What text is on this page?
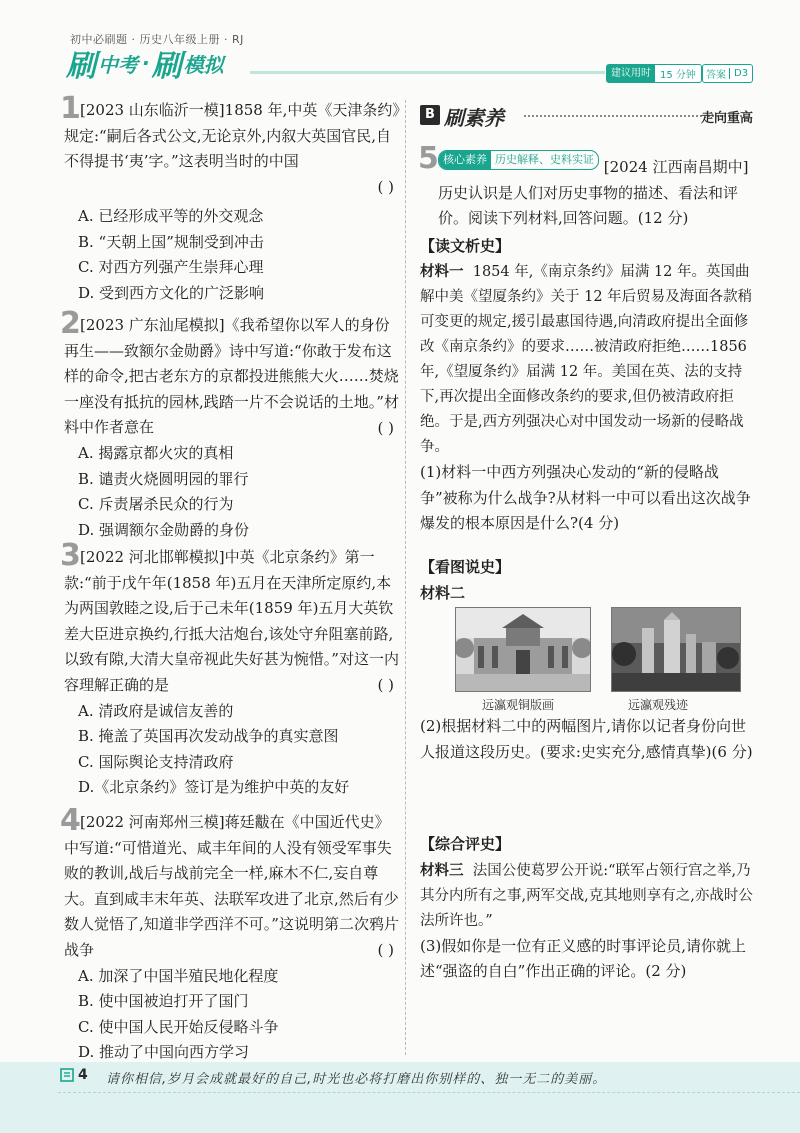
初中必刷题 · 历史八年级上册 · RJ
刷 中考 · 刷 模拟	建议用时 15 分钟	答案 D3
1 [2023 山东临沂一模]1858 年,中英《天津条约》规定:“嗣后各式公文,无论京外,内叙大英国官民,自不得提书‘夷’字。”这表明当时的中国

( )

A. 已经形成平等的外交观念

B. “天朝上国”规制受到冲击

C. 对西方列强产生崇拜心理

D. 受到西方文化的广泛影响

2 [2023 广东汕尾模拟]《我希望你以军人的身份再生——致额尔金勋爵》诗中写道:“你敢于发布这样的命令,把古老东方的京都投进熊熊大火……焚烧一座没有抵抗的园林,践踏一片不会说话的土地。”材料中作者意在	( )

A. 揭露京都火灾的真相

B. 谴责火烧圆明园的罪行

C. 斥责屠杀民众的行为

D. 强调额尔金勋爵的身份

3 [2022 河北邯郸模拟]中英《北京条约》第一款:“前于戊午年(1858 年)五月在天津所定原约,本为两国敦睦之设,后于己未年(1859 年)五月大英钦差大臣进京换约,行抵大沽炮台,该处守弁阻塞前路,以致有隙,大清大皇帝视此失好甚为惋惜。”对这一内容理解正确的是	( )

A. 清政府是诚信友善的

B. 掩盖了英国再次发动战争的真实意图

C. 国际舆论支持清政府

D.《北京条约》签订是为维护中英的友好

4 [2022 河南郑州三模]蒋廷黻在《中国近代史》中写道:“可惜道光、咸丰年间的人没有领受军事失败的教训,战后与战前完全一样,麻木不仁,妄自尊大。直到咸丰末年英、法联军攻进了北京,然后有少数人觉悟了,知道非学西洋不可。”这说明第二次鸦片战争	( )

A. 加深了中国半殖民地化程度

B. 使中国被迫打开了国门

C. 使中国人民开始反侵略斗争

D. 推动了中国向西方学习

B 刷素养	走向重高
5 核心素养 历史解释、史料实证 [2024 江西南昌期中]历史认识是人们对历史事物的描述、看法和评价。阅读下列材料,回答问题。(12 分)

【读文析史】

材料一 1854 年,《南京条约》届满 12 年。英国曲解中美《望厦条约》关于 12 年后贸易及海面各款稍可变更的规定,援引最惠国待遇,向清政府提出全面修改《南京条约》的要求……被清政府拒绝……1856 年,《望厦条约》届满 12 年。美国在英、法的支持下,再次提出全面修改条约的要求,但仍被清政府拒绝。于是,西方列强决心对中国发动一场新的侵略战争。

(1)材料一中西方列强决心发动的“新的侵略战争”被称为什么战争?从材料一中可以看出这次战争爆发的根本原因是什么?(4 分)

【看图说史】

材料二

远瀛观铜版画	远瀛观残迹

(2)根据材料二中的两幅图片,请你以记者身份向世人报道这段历史。(要求:史实充分,感情真挚)(6 分)

【综合评史】

材料三 法国公使葛罗公开说:“联军占领行宫之举,乃其分内所有之事,两军交战,克其地则享有之,亦战时公法所许也。”

(3)假如你是一位有正义感的时事评论员,请你就上述“强盗的自白”作出正确的评论。(2 分)

4 请你相信,岁月会成就最好的自己,时光也必将打磨出你别样的、独一无二的美丽。
